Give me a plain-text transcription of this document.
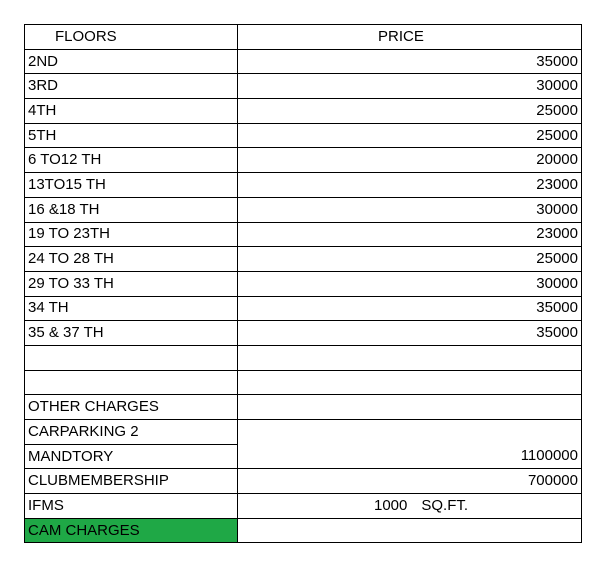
FLOORS	PRICE
2ND	35000
3RD	30000
4TH	25000
5TH	25000
6 TO12 TH	20000
13TO15 TH	23000
16 &18 TH	30000
19 TO 23TH	23000
24 TO 28 TH	25000
29 TO 33 TH	30000
34 TH	35000
35 & 37 TH	35000

OTHER CHARGES	
CARPARKING 2	
MANDTORY	1100000
CLUBMEMBERSHIP	700000
IFMS	1000 SQ.FT.
CAM CHARGES	
